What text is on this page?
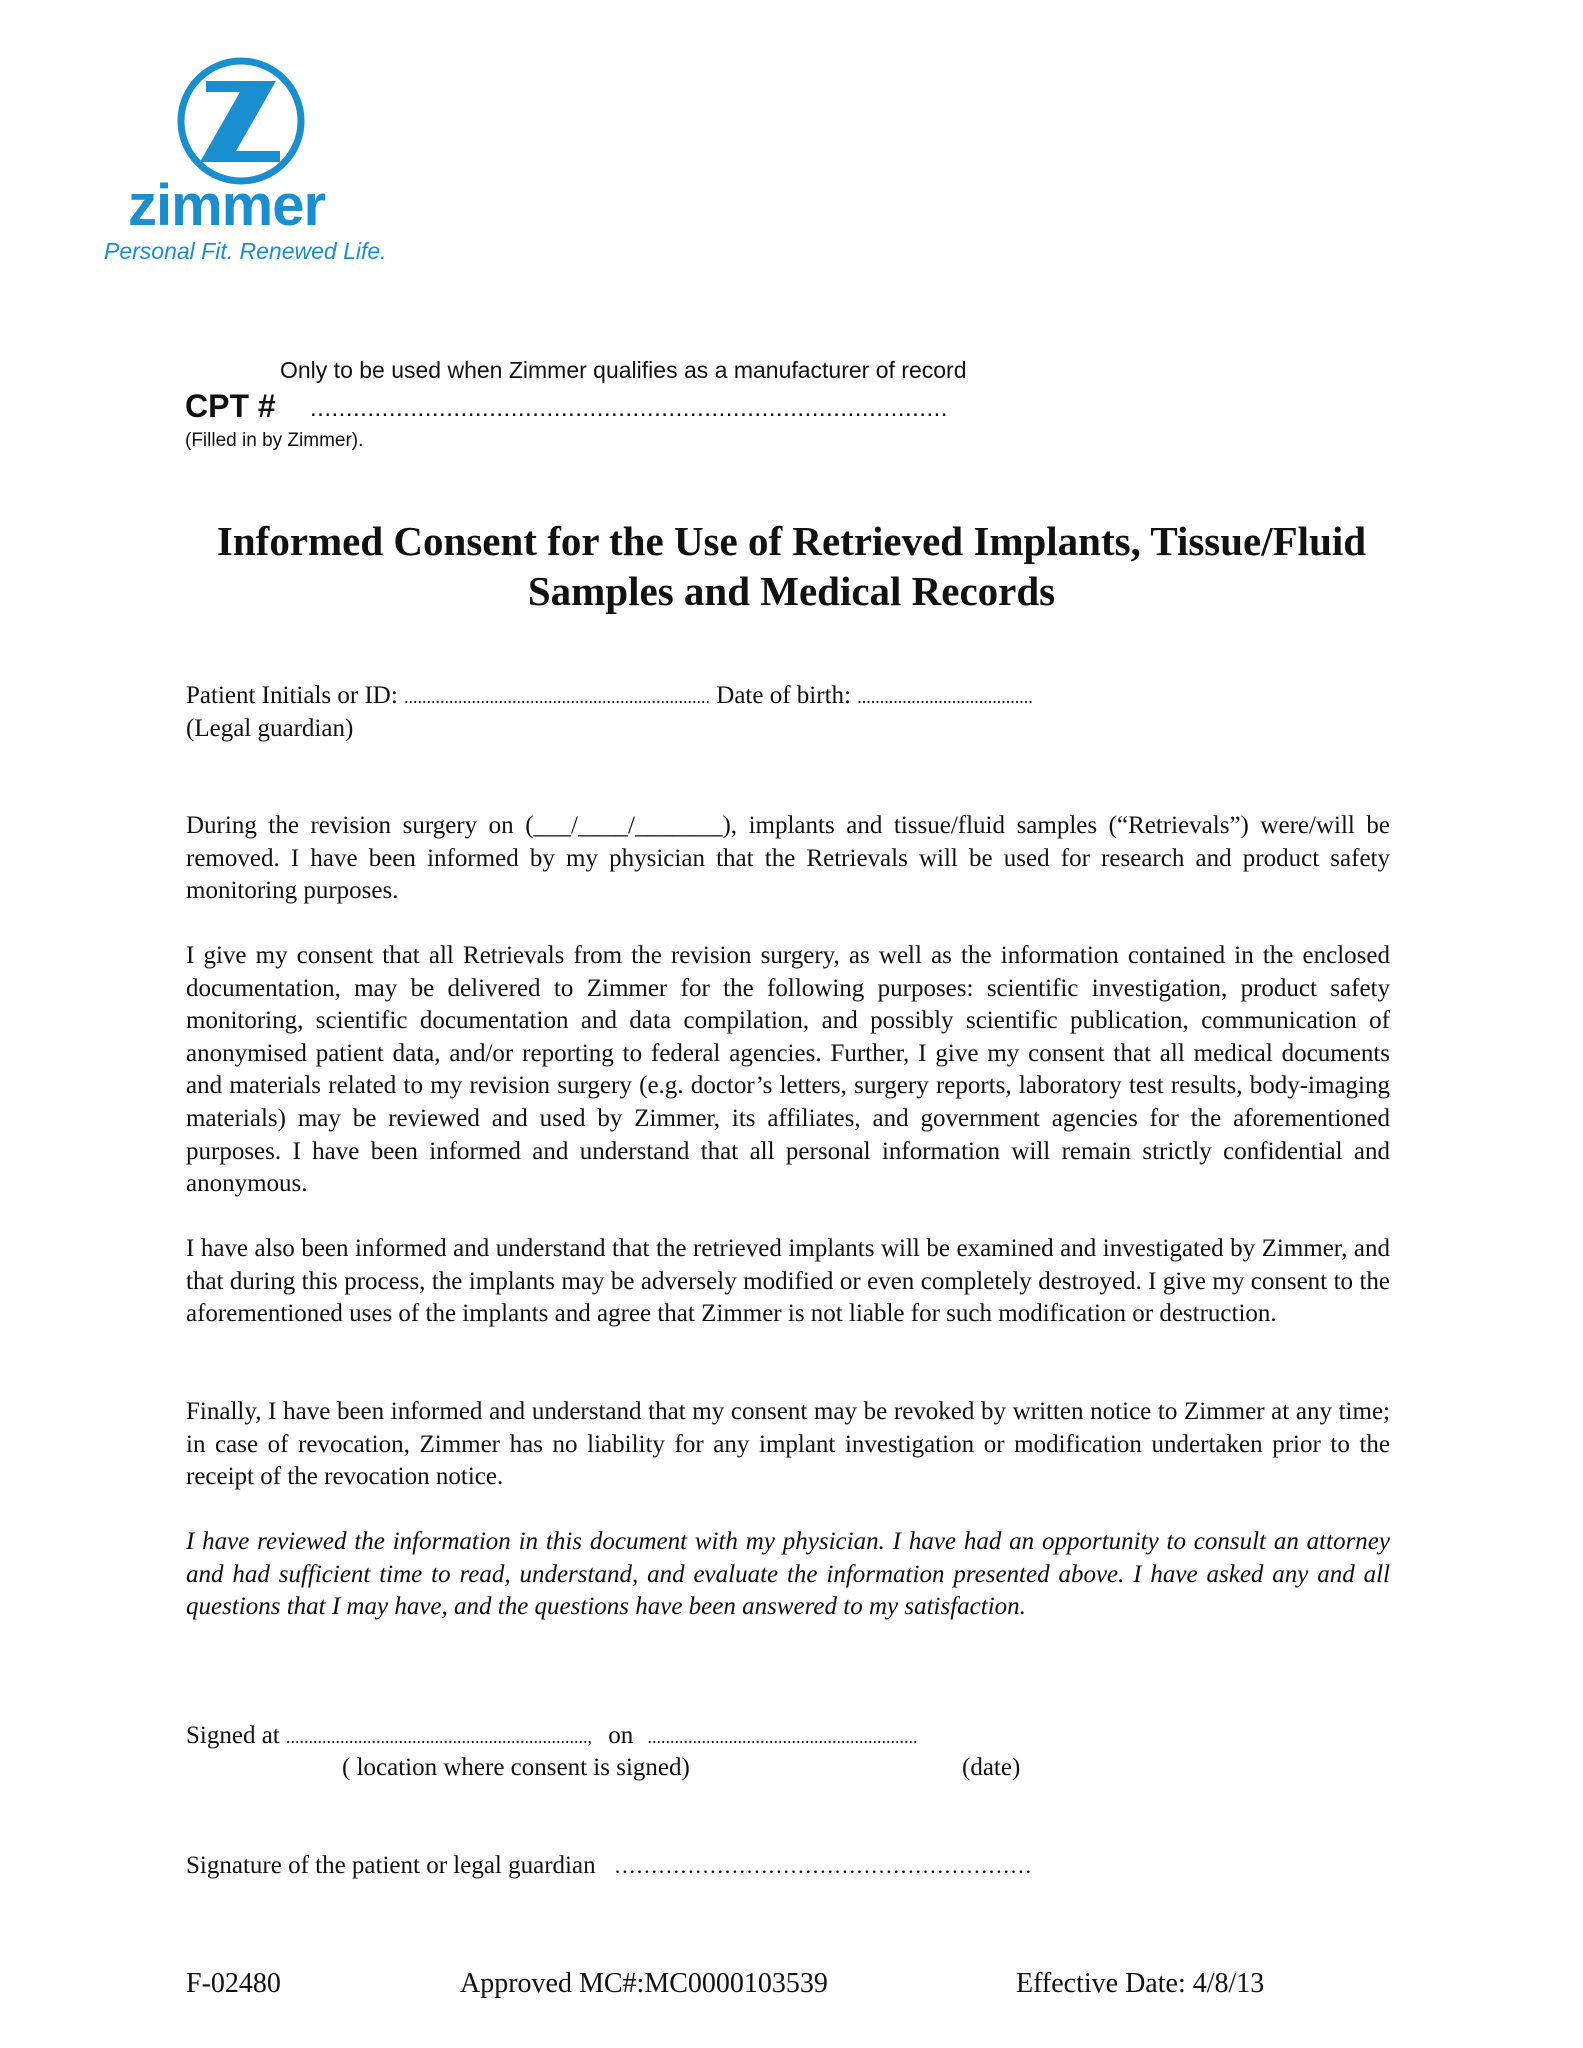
zimmer
Personal Fit. Renewed Life.
Only to be used when Zimmer qualifies as a manufacturer of record
CPT # .........................................................................................
(Filled in by Zimmer).
Informed Consent for the Use of Retrieved Implants, Tissue/Fluid
Samples and Medical Records
Patient Initials or ID: .................................................................... Date of birth: .......................................
(Legal guardian)
During the revision surgery on (___/____/_______), implants and tissue/fluid samples (“Retrievals”) were/will be removed. I have been informed by my physician that the Retrievals will be used for research and product safety monitoring purposes.
I give my consent that all Retrievals from the revision surgery, as well as the information contained in the enclosed documentation, may be delivered to Zimmer for the following purposes: scientific investigation, product safety monitoring, scientific documentation and data compilation, and possibly scientific publication, communication of anonymised patient data, and/or reporting to federal agencies. Further, I give my consent that all medical documents and materials related to my revision surgery (e.g. doctor’s letters, surgery reports, laboratory test results, body-imaging materials) may be reviewed and used by Zimmer, its affiliates, and government agencies for the aforementioned purposes. I have been informed and understand that all personal information will remain strictly confidential and anonymous.
I have also been informed and understand that the retrieved implants will be examined and investigated by Zimmer, and that during this process, the implants may be adversely modified or even completely destroyed. I give my consent to the aforementioned uses of the implants and agree that Zimmer is not liable for such modification or destruction.
Finally, I have been informed and understand that my consent may be revoked by written notice to Zimmer at any time; in case of revocation, Zimmer has no liability for any implant investigation or modification undertaken prior to the receipt of the revocation notice.
I have reviewed the information in this document with my physician. I have had an opportunity to consult an attorney and had sufficient time to read, understand, and evaluate the information presented above. I have asked any and all questions that I may have, and the questions have been answered to my satisfaction.
Signed at ..................................................................., on ............................................................
( location where consent is signed)	(date)
Signature of the patient or legal guardian …………………………………………………
F-02480	Approved MC#:MC0000103539	Effective Date: 4/8/13
